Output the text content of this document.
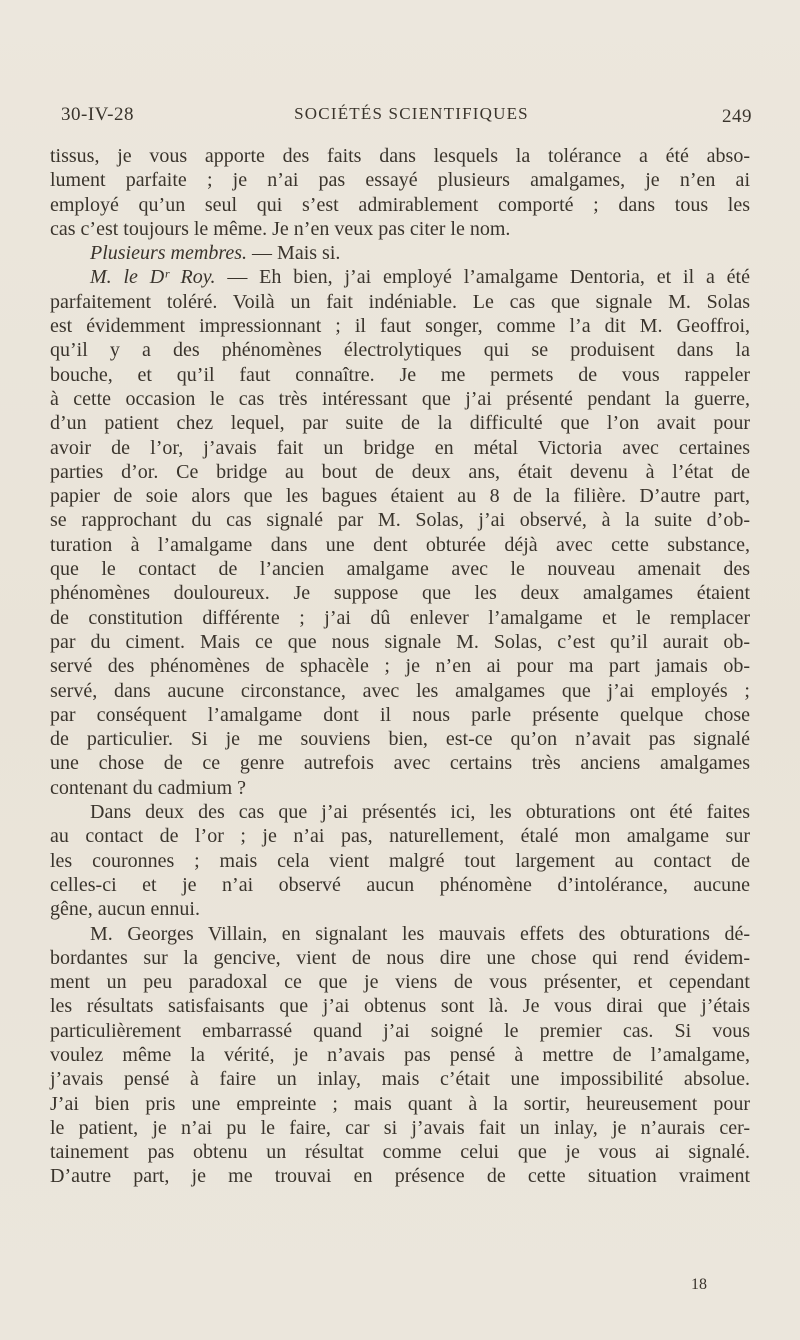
30-IV-28	SOCIÉTÉS SCIENTIFIQUES	249
tissus, je vous apporte des faits dans lesquels la tolérance a été abso-
lument parfaite ; je n’ai pas essayé plusieurs amalgames, je n’en ai
employé qu’un seul qui s’est admirablement comporté ; dans tous les
cas c’est toujours le même. Je n’en veux pas citer le nom.
Plusieurs membres. — Mais si.
M. le Dʳ Roy. — Eh bien, j’ai employé l’amalgame Dentoria, et il a été
parfaitement toléré. Voilà un fait indéniable. Le cas que signale M. Solas
est évidemment impressionnant ; il faut songer, comme l’a dit M. Geoffroi,
qu’il y a des phénomènes électrolytiques qui se produisent dans la
bouche, et qu’il faut connaître. Je me permets de vous rappeler
à cette occasion le cas très intéressant que j’ai présenté pendant la guerre,
d’un patient chez lequel, par suite de la difficulté que l’on avait pour
avoir de l’or, j’avais fait un bridge en métal Victoria avec certaines
parties d’or. Ce bridge au bout de deux ans, était devenu à l’état de
papier de soie alors que les bagues étaient au 8 de la filière. D’autre part,
se rapprochant du cas signalé par M. Solas, j’ai observé, à la suite d’ob-
turation à l’amalgame dans une dent obturée déjà avec cette substance,
que le contact de l’ancien amalgame avec le nouveau amenait des
phénomènes douloureux. Je suppose que les deux amalgames étaient
de constitution différente ; j’ai dû enlever l’amalgame et le remplacer
par du ciment. Mais ce que nous signale M. Solas, c’est qu’il aurait ob-
servé des phénomènes de sphacèle ; je n’en ai pour ma part jamais ob-
servé, dans aucune circonstance, avec les amalgames que j’ai employés ;
par conséquent l’amalgame dont il nous parle présente quelque chose
de particulier. Si je me souviens bien, est-ce qu’on n’avait pas signalé
une chose de ce genre autrefois avec certains très anciens amalgames
contenant du cadmium ?
Dans deux des cas que j’ai présentés ici, les obturations ont été faites
au contact de l’or ; je n’ai pas, naturellement, étalé mon amalgame sur
les couronnes ; mais cela vient malgré tout largement au contact de
celles-ci et je n’ai observé aucun phénomène d’intolérance, aucune
gêne, aucun ennui.
M. Georges Villain, en signalant les mauvais effets des obturations dé-
bordantes sur la gencive, vient de nous dire une chose qui rend évidem-
ment un peu paradoxal ce que je viens de vous présenter, et cependant
les résultats satisfaisants que j’ai obtenus sont là. Je vous dirai que j’étais
particulièrement embarrassé quand j’ai soigné le premier cas. Si vous
voulez même la vérité, je n’avais pas pensé à mettre de l’amalgame,
j’avais pensé à faire un inlay, mais c’était une impossibilité absolue.
J’ai bien pris une empreinte ; mais quant à la sortir, heureusement pour
le patient, je n’ai pu le faire, car si j’avais fait un inlay, je n’aurais cer-
tainement pas obtenu un résultat comme celui que je vous ai signalé.
D’autre part, je me trouvai en présence de cette situation vraiment
18
